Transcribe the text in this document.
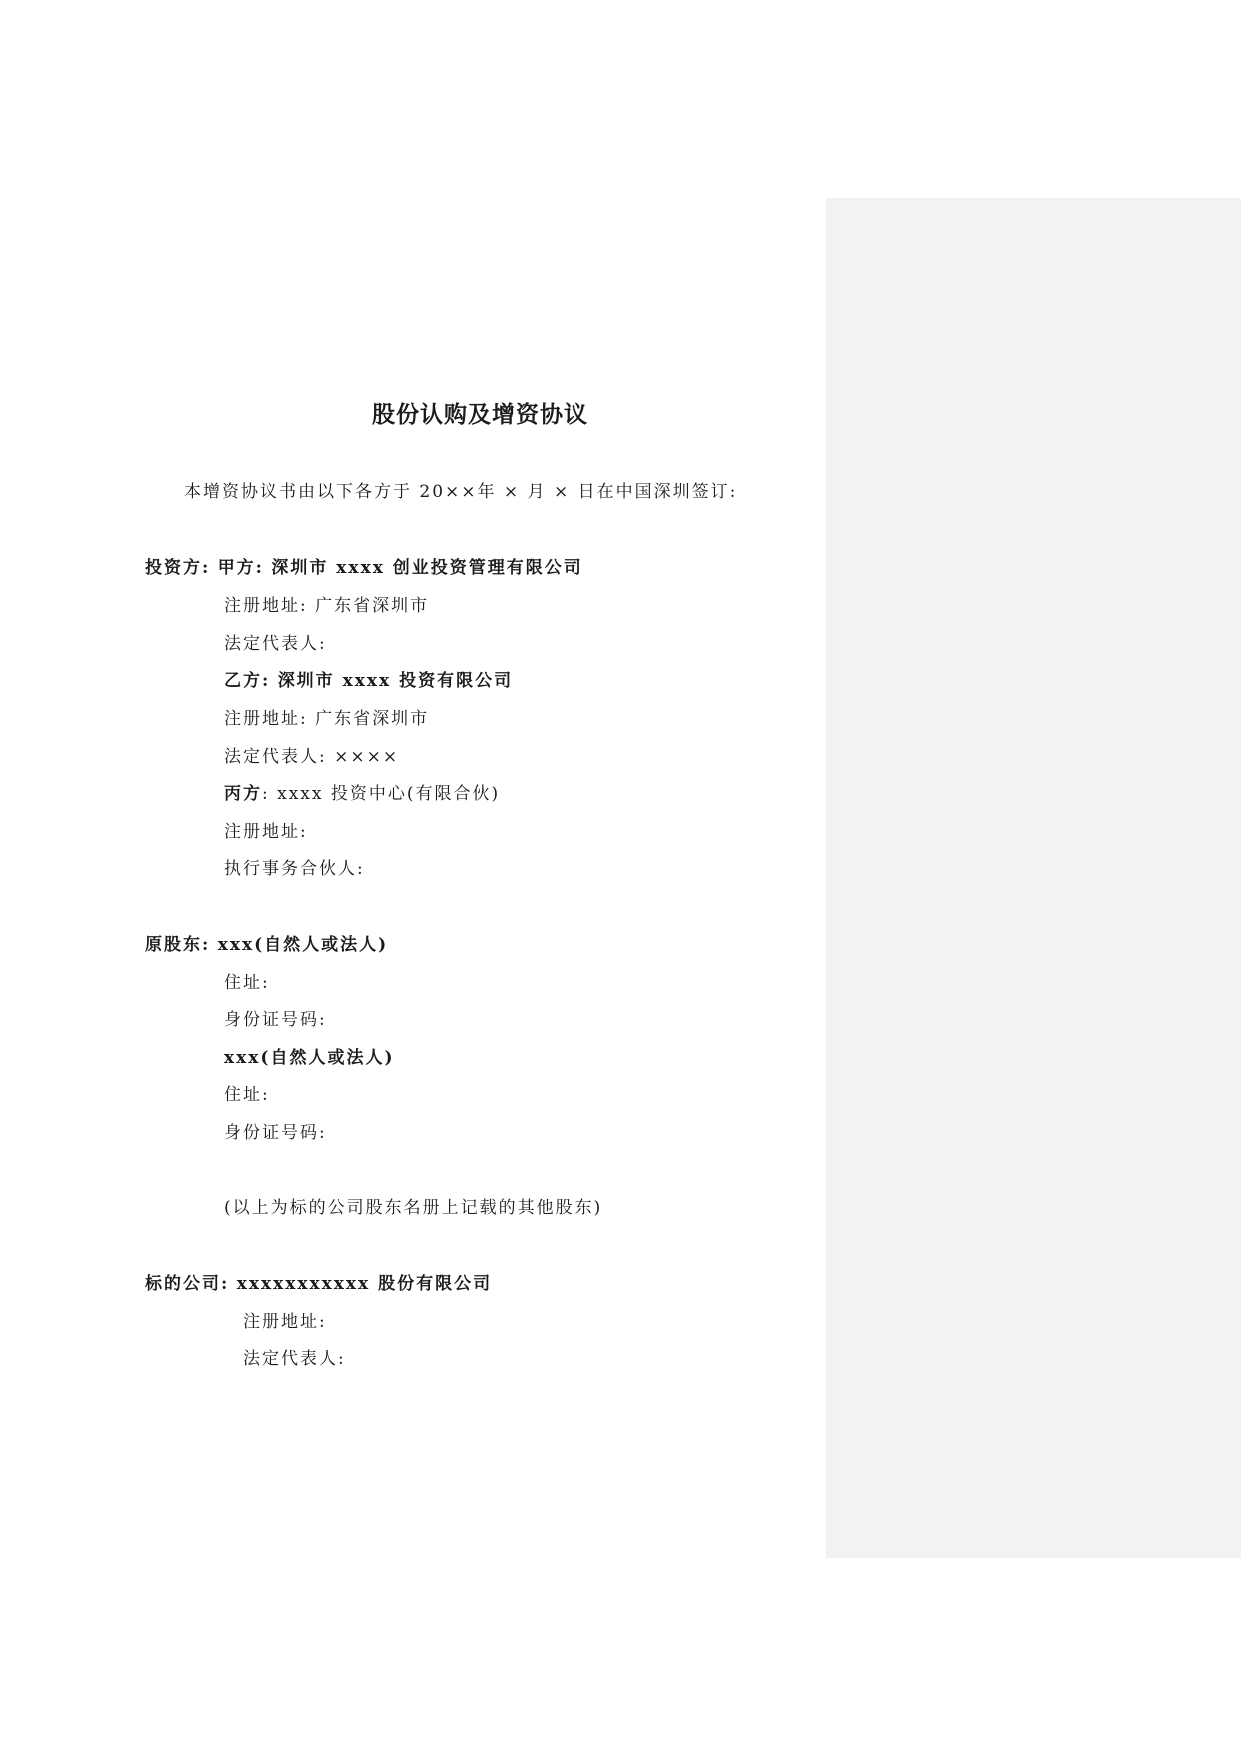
股份认购及增资协议
本增资协议书由以下各方于 20××年 × 月 × 日在中国深圳签订:
投资方: 甲方: 深圳市 xxxx 创业投资管理有限公司
注册地址: 广东省深圳市
法定代表人:
乙方: 深圳市 xxxx 投资有限公司
注册地址: 广东省深圳市
法定代表人: ××××
丙方: xxxx 投资中心(有限合伙)
注册地址:
执行事务合伙人:
原股东: xxx(自然人或法人)
住址:
身份证号码:
xxx(自然人或法人)
住址:
身份证号码:
(以上为标的公司股东名册上记载的其他股东)
标的公司: xxxxxxxxxxx 股份有限公司
注册地址:
法定代表人:
